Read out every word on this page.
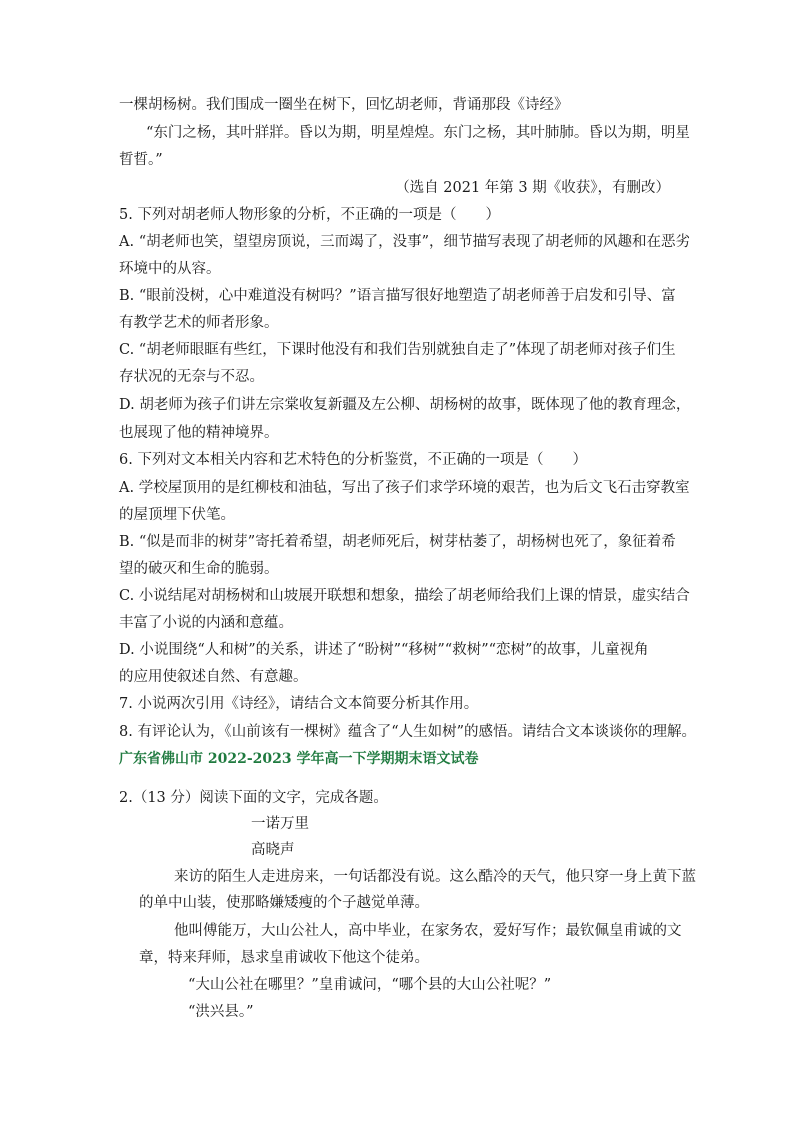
一棵胡杨树。我们围成一圈坐在树下，回忆胡老师，背诵那段《诗经》
“东门之杨，其叶牂牂。昏以为期，明星煌煌。东门之杨，其叶肺肺。昏以为期，明星
晢晢。”
（选自 2021 年第 3 期《收获》，有删改）
5. 下列对胡老师人物形象的分析，不正确的一项是（　　）
A. “胡老师也笑，望望房顶说，三而竭了，没事”，细节描写表现了胡老师的风趣和在恶劣
环境中的从容。
B. “眼前没树，心中难道没有树吗？”语言描写很好地塑造了胡老师善于启发和引导、富
有教学艺术的师者形象。
C. “胡老师眼眶有些红，下课时他没有和我们告别就独自走了”体现了胡老师对孩子们生
存状况的无奈与不忍。
D. 胡老师为孩子们讲左宗棠收复新疆及左公柳、胡杨树的故事，既体现了他的教育理念，
也展现了他的精神境界。
6. 下列对文本相关内容和艺术特色的分析鉴赏，不正确的一项是（　　）
A. 学校屋顶用的是红柳枝和油毡，写出了孩子们求学环境的艰苦，也为后文飞石击穿教室
的屋顶埋下伏笔。
B. “似是而非的树芽”寄托着希望，胡老师死后，树芽枯萎了，胡杨树也死了，象征着希
望的破灭和生命的脆弱。
C. 小说结尾对胡杨树和山坡展开联想和想象，描绘了胡老师给我们上课的情景，虚实结合
丰富了小说的内涵和意蕴。
D. 小说围绕“人和树”的关系，讲述了“盼树”“移树”“救树”“恋树”的故事，儿童视角
的应用使叙述自然、有意趣。
7. 小说两次引用《诗经》，请结合文本简要分析其作用。
8. 有评论认为，《山前该有一棵树》蕴含了“人生如树”的感悟。请结合文本谈谈你的理解。
广东省佛山市 2022-2023 学年高一下学期期末语文试卷
2.（13 分）阅读下面的文字，完成各题。
一诺万里
高晓声
来访的陌生人走进房来，一句话都没有说。这么酷冷的天气，他只穿一身上黄下蓝
的单中山装，使那略嫌矮瘦的个子越觉单薄。
他叫傅能万，大山公社人，高中毕业，在家务农，爱好写作；最钦佩皇甫诚的文
章，特来拜师，恳求皇甫诚收下他这个徒弟。
“大山公社在哪里？”皇甫诚问，“哪个县的大山公社呢？”
“洪兴县。”
